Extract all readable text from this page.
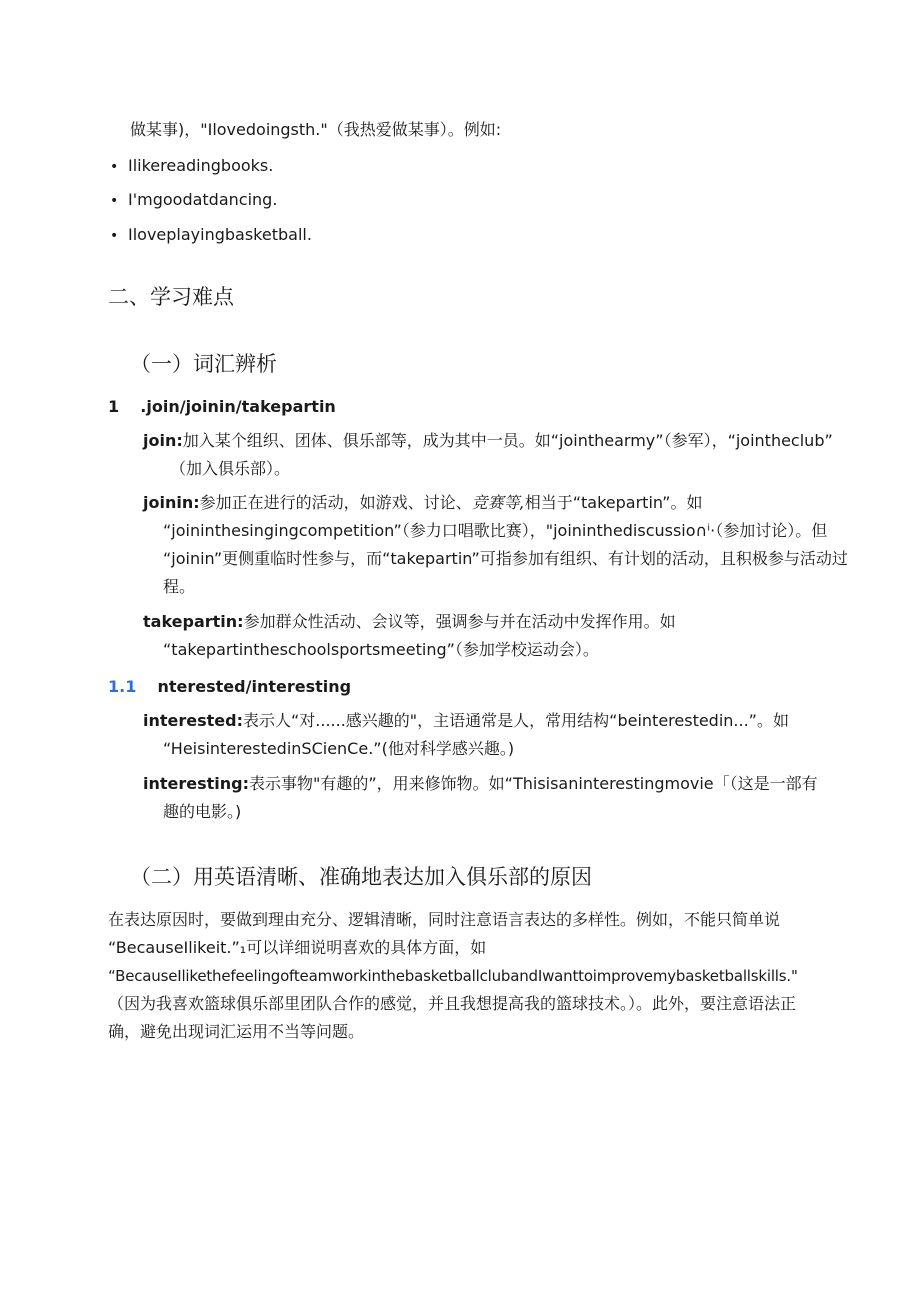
做某事)，"Ilovedoingsth."（我热爱做某事）。例如:
• Ilikereadingbooks.
• I'mgoodatdancing.
• Iloveplayingbasketball.
二、学习难点
（一）词汇辨析
1 .join/joinin/takepartin
join:加入某个组织、团体、俱乐部等，成为其中一员。如“jointhearmy”（参军），“jointheclub”
（加入俱乐部）。
joinin:参加正在进行的活动，如游戏、讨论、竞赛等,相当于“takepartin”。如
“joininthesingingcompetition”（参力口唱歌比赛），"joininthediscussio∩ⁱ·（参加讨论）。但
“joinin”更侧重临时性参与，而“takepartin”可指参加有组织、有计划的活动，且积极参与活动过
程。
takepartin:参加群众性活动、会议等，强调参与并在活动中发挥作用。如
“takepartintheschoolsportsmeeting”（参加学校运动会）。
1.1 nterested/interesting
interested:表示人“对......感兴趣的"，主语通常是人，常用结构“beinterestedin...”。如
“HeisinterestedinSCienCe.”(他对科学感兴趣。)
interesting:表示事物"有趣的”，用来修饰物。如“Thisisaninterestingmovie「（这是一部有
趣的电影。)
（二）用英语清晰、准确地表达加入俱乐部的原因
在表达原因时，要做到理由充分、逻辑清晰，同时注意语言表达的多样性。例如，不能只简单说
“BecauseIlikeit.”₁可以详细说明喜欢的具体方面，如
“BecauseIlikethefeelingofteamworkinthebasketballclubandIwanttoimprovemybasketballskills."
（因为我喜欢篮球俱乐部里团队合作的感觉，并且我想提高我的篮球技术。）。此外，要注意语法正
确，避免出现词汇运用不当等问题。
